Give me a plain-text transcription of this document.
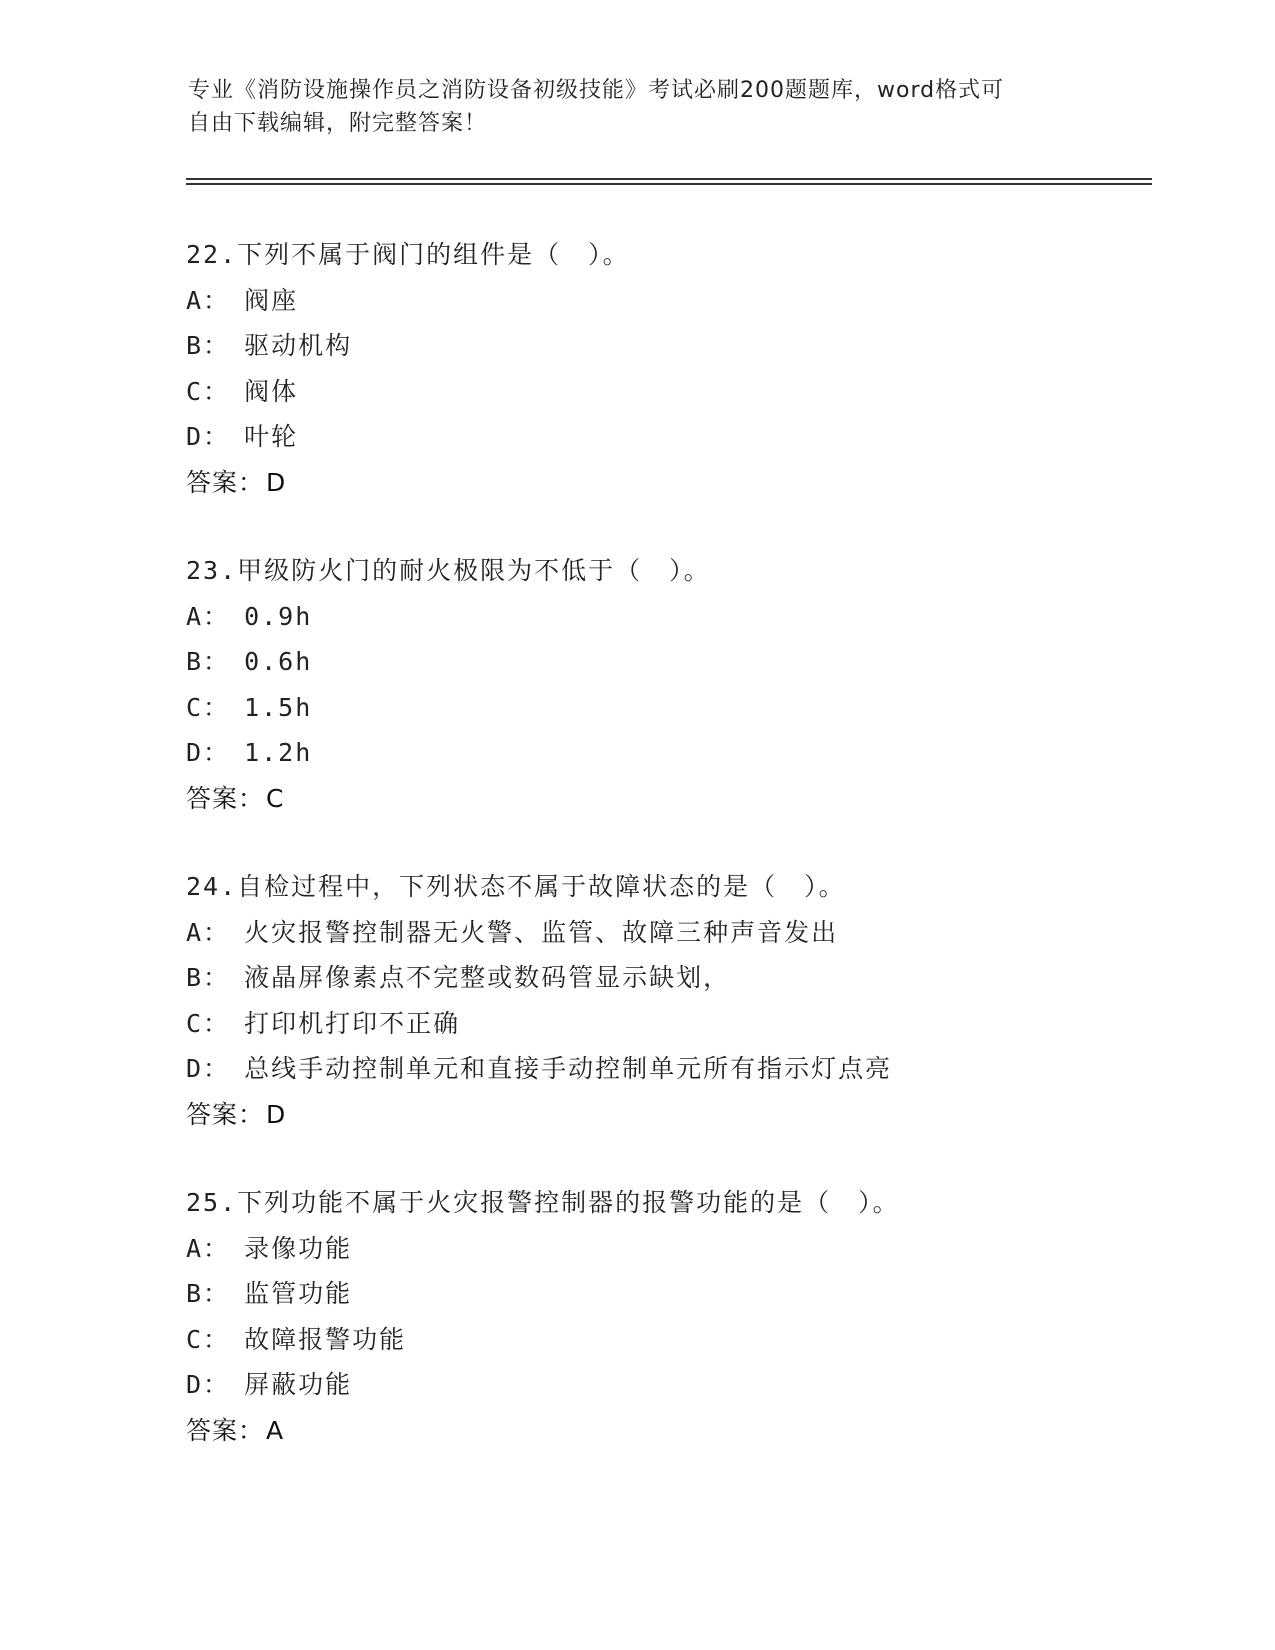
专业《消防设施操作员之消防设备初级技能》考试必刷200题题库，word格式可
自由下载编辑，附完整答案！
22.下列不属于阀门的组件是（　）。
A： 阀座
B： 驱动机构
C： 阀体
D： 叶轮
答案：D
23.甲级防火门的耐火极限为不低于（　）。
A： 0.9h
B： 0.6h
C： 1.5h
D： 1.2h
答案：C
24.自检过程中，下列状态不属于故障状态的是（　）。
A： 火灾报警控制器无火警、监管、故障三种声音发出
B： 液晶屏像素点不完整或数码管显示缺划，
C： 打印机打印不正确
D： 总线手动控制单元和直接手动控制单元所有指示灯点亮
答案：D
25.下列功能不属于火灾报警控制器的报警功能的是（　）。
A： 录像功能
B： 监管功能
C： 故障报警功能
D： 屏蔽功能
答案：A
